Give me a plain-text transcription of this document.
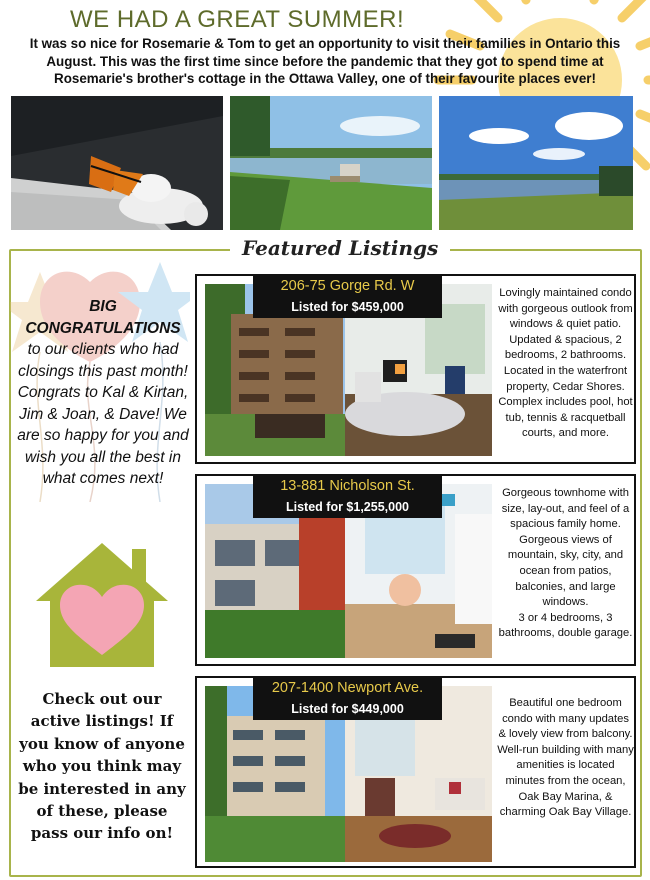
WE HAD A GREAT SUMMER!
It was so nice for Rosemarie & Tom to get an opportunity to visit their families in Ontario this August. This was the first time since before the pandemic that they got to spend time at Rosemarie's brother's cottage in the Ottawa Valley, one of their favourite places ever!
Featured Listings
BIG
CONGRATULATIONS
to our clients who had closings this past month! Congrats to Kal & Kirtan, Jim & Joan, & Dave! We are so happy for you and wish you all the best in what comes next!
Check out our active listings! If you know of anyone who you think may be interested in any of these, please pass our info on!
206-75 Gorge Rd. W
Listed for $459,000
Lovingly maintained condo with gorgeous outlook from windows & quiet patio. Updated & spacious, 2 bedrooms, 2 bathrooms. Located in the waterfront property, Cedar Shores. Complex includes pool, hot tub, tennis & racquetball courts, and more.
13-881 Nicholson St.
Listed for $1,255,000
Gorgeous townhome with size, lay-out, and feel of a spacious family home. Gorgeous views of mountain, sky, city, and ocean from patios, balconies, and large windows.
3 or 4 bedrooms, 3 bathrooms, double garage.
207-1400 Newport Ave.
Listed for $449,000	Beautiful one bedroom condo with many updates & lovely view from balcony. Well-run building with many amenities is located minutes from the ocean, Oak Bay Marina, & charming Oak Bay Village.
